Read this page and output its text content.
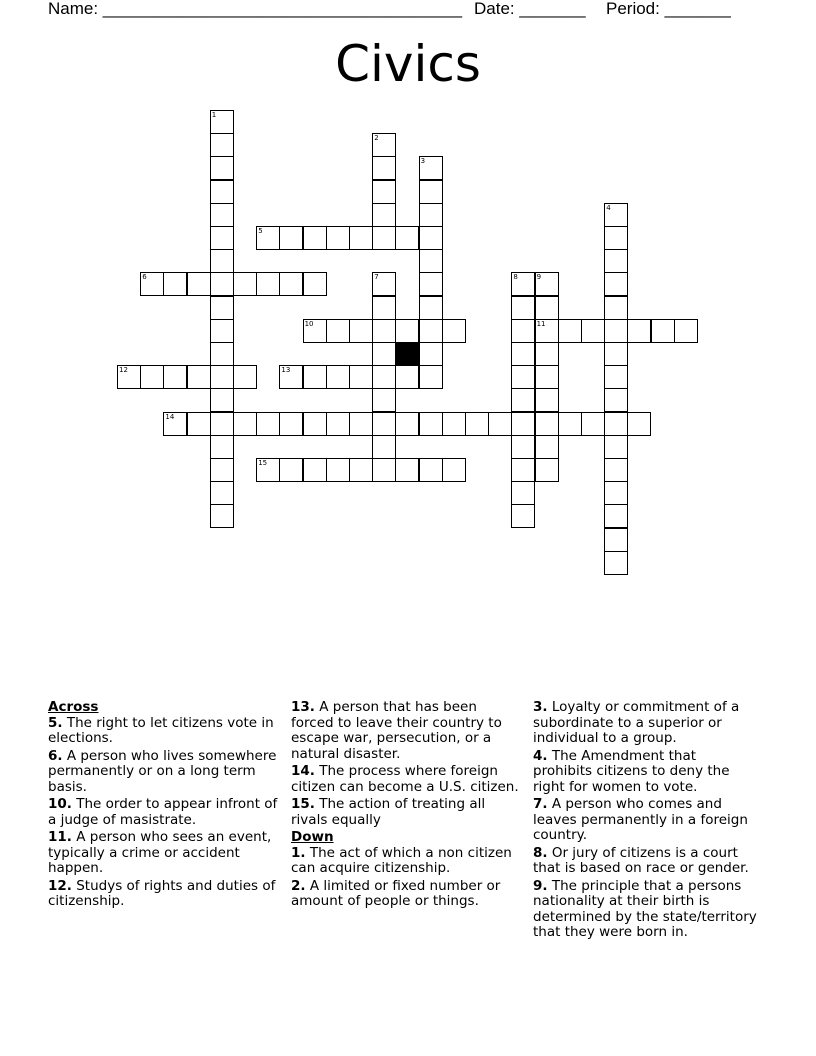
Name: ______________________________________ Date: _______ Period: _______
Civics
1
2
3
4
5
6	7	8	9
11
10
12	13
14
15

Across

5. The right to let citizens vote in elections.
6. A person who lives somewhere permanently or on a long term basis.
10. The order to appear infront of a judge of masistrate.
11. A person who sees an event, typically a crime or accident happen.
12. Studys of rights and duties of citizenship.
13. A person that has been forced to leave their country to escape war, persecution, or a natural disaster.
14. The process where foreign citizen can become a U.S. citizen.
15. The action of treating all rivals equally

Down

1. The act of which a non citizen can acquire citizenship.
2. A limited or fixed number or amount of people or things.
3. Loyalty or commitment of a subordinate to a superior or individual to a group.
4. The Amendment that prohibits citizens to deny the right for women to vote.
7. A person who comes and leaves permanently in a foreign country.
8. Or jury of citizens is a court that is based on race or gender.
9. The principle that a persons nationality at their birth is determined by the state/territory that they were born in.
